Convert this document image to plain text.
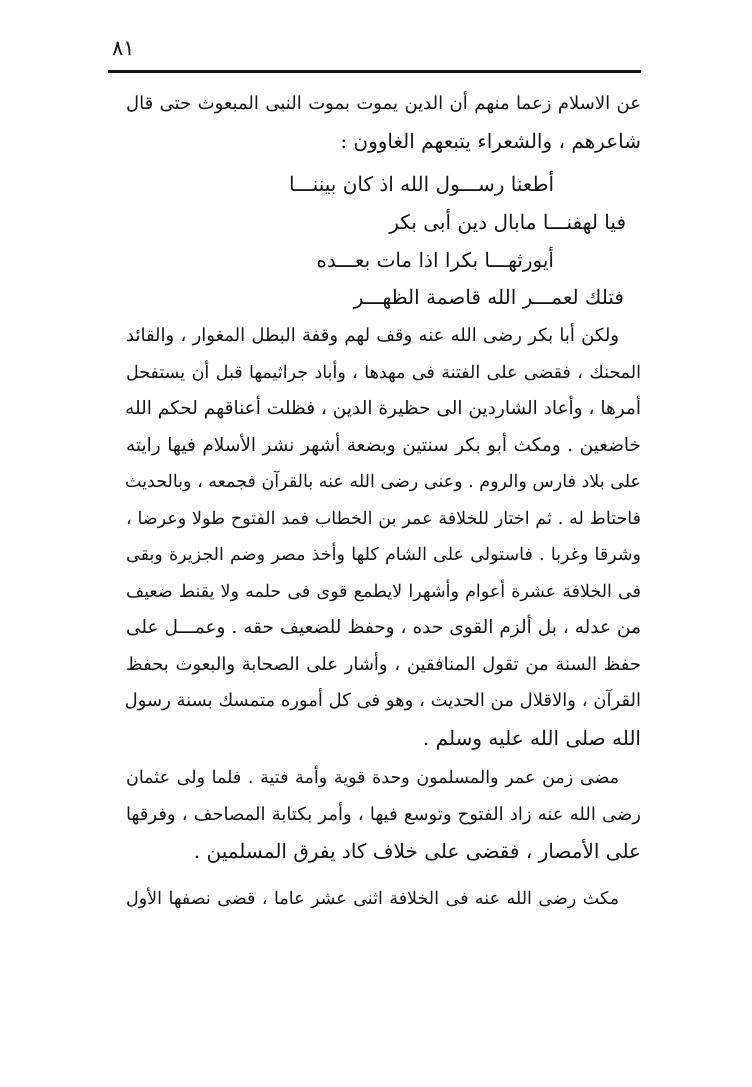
٨١
عن الاسلام زعما منهم أن الدين يموت بموت النبى المبعوث حتى قال
شاعرهم ، والشعراء يتبعهم الغاوون :
أطعنا رســـول الله اذ كان بيننـــا
فيا لهفنـــا مابال دين أبى بكر
أيورثهـــا بكرا اذا مات بعـــده
فتلك لعمـــر الله قاصمة الظهـــر
ولكن أبا بكر رضى الله عنه وقف لهم وقفة البطل المغوار ، والقائد
المحنك ، فقضى على الفتنة فى مهدها ، وأباد جراثيمها قبل أن يستفحل
أمرها ، وأعاد الشاردين الى حظيرة الدين ، فظلت أعناقهم لحكم الله
خاضعين . ومكث أبو بكر سنتين وبضعة أشهر نشر الأسلام فيها رايته
على بلاد فارس والروم . وعنى رضى الله عنه بالقرآن فجمعه ، وبالحديث
فاحتاط له . ثم اختار للخلافة عمر بن الخطاب فمد الفتوح طولا وعرضا ،
وشرقا وغربا . فاستولى على الشام كلها وأخذ مصر وضم الجزيرة وبقى
فى الخلافة عشرة أعوام وأشهرا لايطمع قوى فى حلمه ولا يقنط ضعيف
من عدله ، بل ألزم القوى حده ، وحفظ للضعيف حقه . وعمـــل على
حفظ السنة من تقول المنافقين ، وأشار على الصحابة والبعوث بحفظ
القرآن ، والاقلال من الحديث ، وهو فى كل أموره متمسك بسنة رسول
الله صلى الله عليه وسلم .
مضى زمن عمر والمسلمون وحدة قوية وأمة فتية . فلما ولى عثمان
رضى الله عنه زاد الفتوح وتوسع فيها ، وأمر بكتابة المصاحف ، وفرقها
على الأمصار ، فقضى على خلاف كاد يفرق المسلمين .
مكث رضى الله عنه فى الخلافة اثنى عشر عاما ، قضى نصفها الأول
